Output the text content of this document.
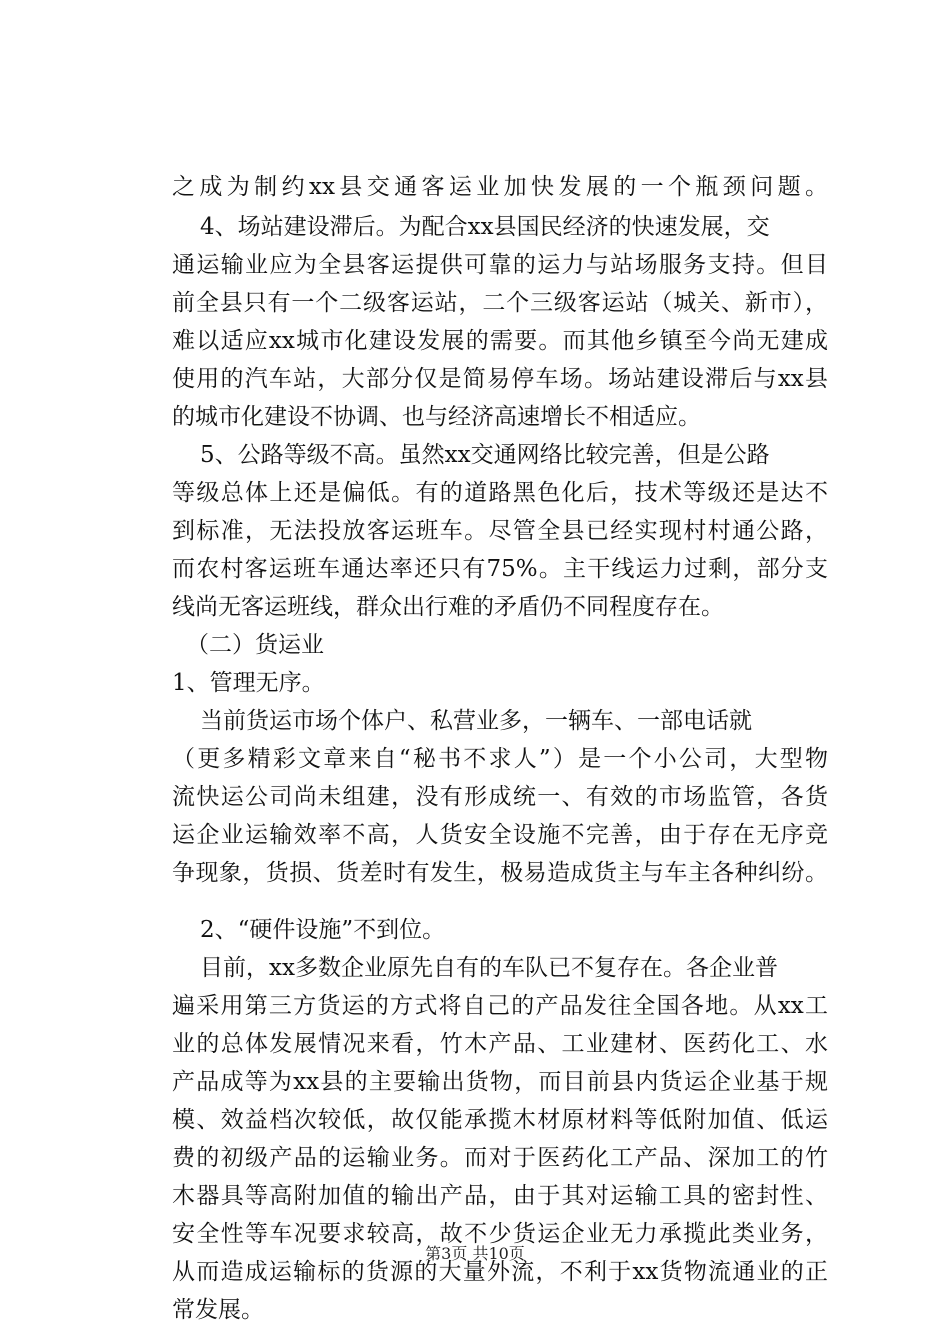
之成为制约xx县交通客运业加快发展的一个瓶颈问题。

4、场站建设滞后。为配合xx县国民经济的快速发展，交

通运输业应为全县客运提供可靠的运力与站场服务支持。但目

前全县只有一个二级客运站，二个三级客运站（城关、新市），

难以适应xx城市化建设发展的需要。而其他乡镇至今尚无建成

使用的汽车站，大部分仅是简易停车场。场站建设滞后与xx县

的城市化建设不协调、也与经济高速增长不相适应。

5、公路等级不高。虽然xx交通网络比较完善，但是公路

等级总体上还是偏低。有的道路黑色化后，技术等级还是达不

到标准，无法投放客运班车。尽管全县已经实现村村通公路，

而农村客运班车通达率还只有75%。主干线运力过剩，部分支

线尚无客运班线，群众出行难的矛盾仍不同程度存在。

（二）货运业

1、管理无序。

当前货运市场个体户、私营业多，一辆车、一部电话就

（更多精彩文章来自“秘书不求人”）是一个小公司，大型物

流快运公司尚未组建，没有形成统一、有效的市场监管，各货

运企业运输效率不高，人货安全设施不完善，由于存在无序竞

争现象，货损、货差时有发生，极易造成货主与车主各种纠纷。

2、“硬件设施”不到位。

目前，xx多数企业原先自有的车队已不复存在。各企业普

遍采用第三方货运的方式将自己的产品发往全国各地。从xx工

业的总体发展情况来看，竹木产品、工业建材、医药化工、水

产品成等为xx县的主要输出货物，而目前县内货运企业基于规

模、效益档次较低，故仅能承揽木材原材料等低附加值、低运

费的初级产品的运输业务。而对于医药化工产品、深加工的竹

木器具等高附加值的输出产品，由于其对运输工具的密封性、

安全性等车况要求较高，故不少货运企业无力承揽此类业务，

从而造成运输标的货源的大量外流，不利于xx货物流通业的正

常发展。

第3页 共10页
